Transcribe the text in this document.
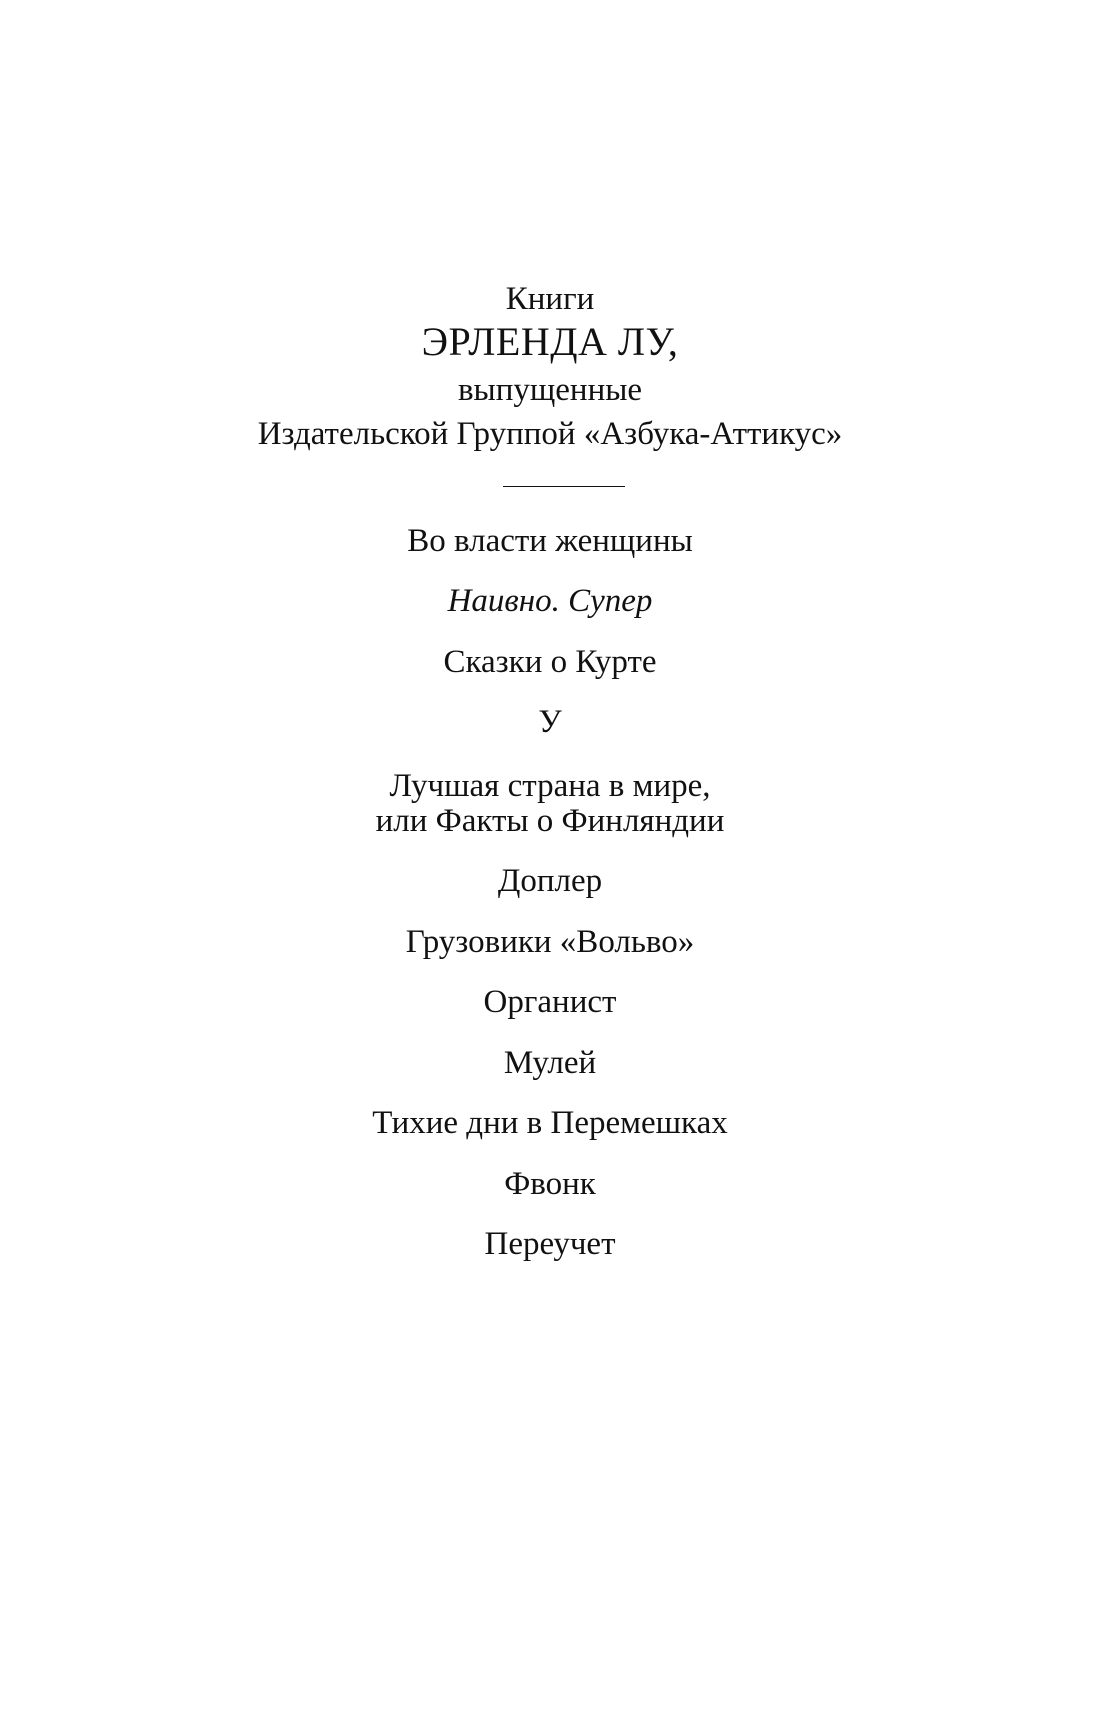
Книги
ЭРЛЕНДА ЛУ,
выпущенные
Издательской Группой «Азбука-Аттикус»
Во власти женщины
Наивно. Супер
Сказки о Курте
У
Лучшая страна в мире,
или Факты о Финляндии
Доплер
Грузовики «Вольво»
Органист
Мулей
Тихие дни в Перемешках
Фвонк
Переучет
